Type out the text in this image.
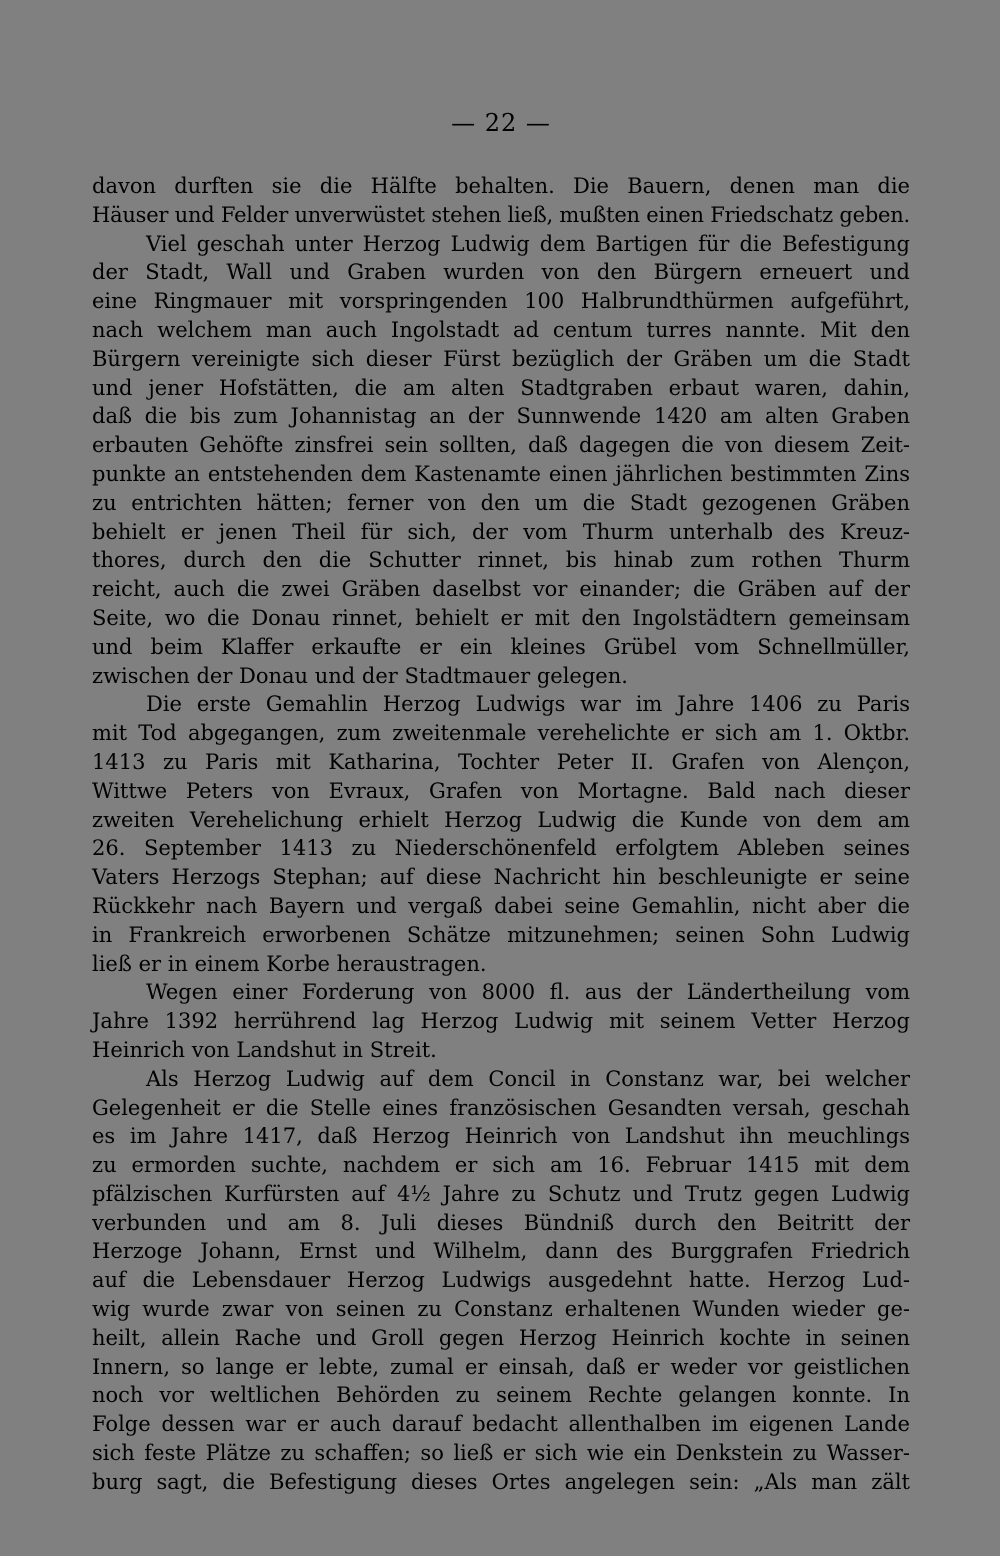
— 22 —
davon durften sie die Hälfte behalten. Die Bauern, denen man die
Häuser und Felder unverwüstet stehen ließ, mußten einen Friedschatz geben.
Viel geschah unter Herzog Ludwig dem Bartigen für die Befestigung
der Stadt, Wall und Graben wurden von den Bürgern erneuert und
eine Ringmauer mit vorspringenden 100 Halbrundthürmen aufgeführt,
nach welchem man auch Ingolstadt ad centum turres nannte. Mit den
Bürgern vereinigte sich dieser Fürst bezüglich der Gräben um die Stadt
und jener Hofstätten, die am alten Stadtgraben erbaut waren, dahin,
daß die bis zum Johannistag an der Sunnwende 1420 am alten Graben
erbauten Gehöfte zinsfrei sein sollten, daß dagegen die von diesem Zeit-
punkte an entstehenden dem Kastenamte einen jährlichen bestimmten Zins
zu entrichten hätten; ferner von den um die Stadt gezogenen Gräben
behielt er jenen Theil für sich, der vom Thurm unterhalb des Kreuz-
thores, durch den die Schutter rinnet, bis hinab zum rothen Thurm
reicht, auch die zwei Gräben daselbst vor einander; die Gräben auf der
Seite, wo die Donau rinnet, behielt er mit den Ingolstädtern gemeinsam
und beim Klaffer erkaufte er ein kleines Grübel vom Schnellmüller,
zwischen der Donau und der Stadtmauer gelegen.
Die erste Gemahlin Herzog Ludwigs war im Jahre 1406 zu Paris
mit Tod abgegangen, zum zweitenmale verehelichte er sich am 1. Oktbr.
1413 zu Paris mit Katharina, Tochter Peter II. Grafen von Alençon,
Wittwe Peters von Evraux, Grafen von Mortagne. Bald nach dieser
zweiten Verehelichung erhielt Herzog Ludwig die Kunde von dem am
26. September 1413 zu Niederschönenfeld erfolgtem Ableben seines
Vaters Herzogs Stephan; auf diese Nachricht hin beschleunigte er seine
Rückkehr nach Bayern und vergaß dabei seine Gemahlin, nicht aber die
in Frankreich erworbenen Schätze mitzunehmen; seinen Sohn Ludwig
ließ er in einem Korbe heraustragen.
Wegen einer Forderung von 8000 fl. aus der Ländertheilung vom
Jahre 1392 herrührend lag Herzog Ludwig mit seinem Vetter Herzog
Heinrich von Landshut in Streit.
Als Herzog Ludwig auf dem Concil in Constanz war, bei welcher
Gelegenheit er die Stelle eines französischen Gesandten versah, geschah
es im Jahre 1417, daß Herzog Heinrich von Landshut ihn meuchlings
zu ermorden suchte, nachdem er sich am 16. Februar 1415 mit dem
pfälzischen Kurfürsten auf 4½ Jahre zu Schutz und Trutz gegen Ludwig
verbunden und am 8. Juli dieses Bündniß durch den Beitritt der
Herzoge Johann, Ernst und Wilhelm, dann des Burggrafen Friedrich
auf die Lebensdauer Herzog Ludwigs ausgedehnt hatte. Herzog Lud-
wig wurde zwar von seinen zu Constanz erhaltenen Wunden wieder ge-
heilt, allein Rache und Groll gegen Herzog Heinrich kochte in seinen
Innern, so lange er lebte, zumal er einsah, daß er weder vor geistlichen
noch vor weltlichen Behörden zu seinem Rechte gelangen konnte. In
Folge dessen war er auch darauf bedacht allenthalben im eigenen Lande
sich feste Plätze zu schaffen; so ließ er sich wie ein Denkstein zu Wasser-
burg sagt, die Befestigung dieses Ortes angelegen sein: „Als man zält
